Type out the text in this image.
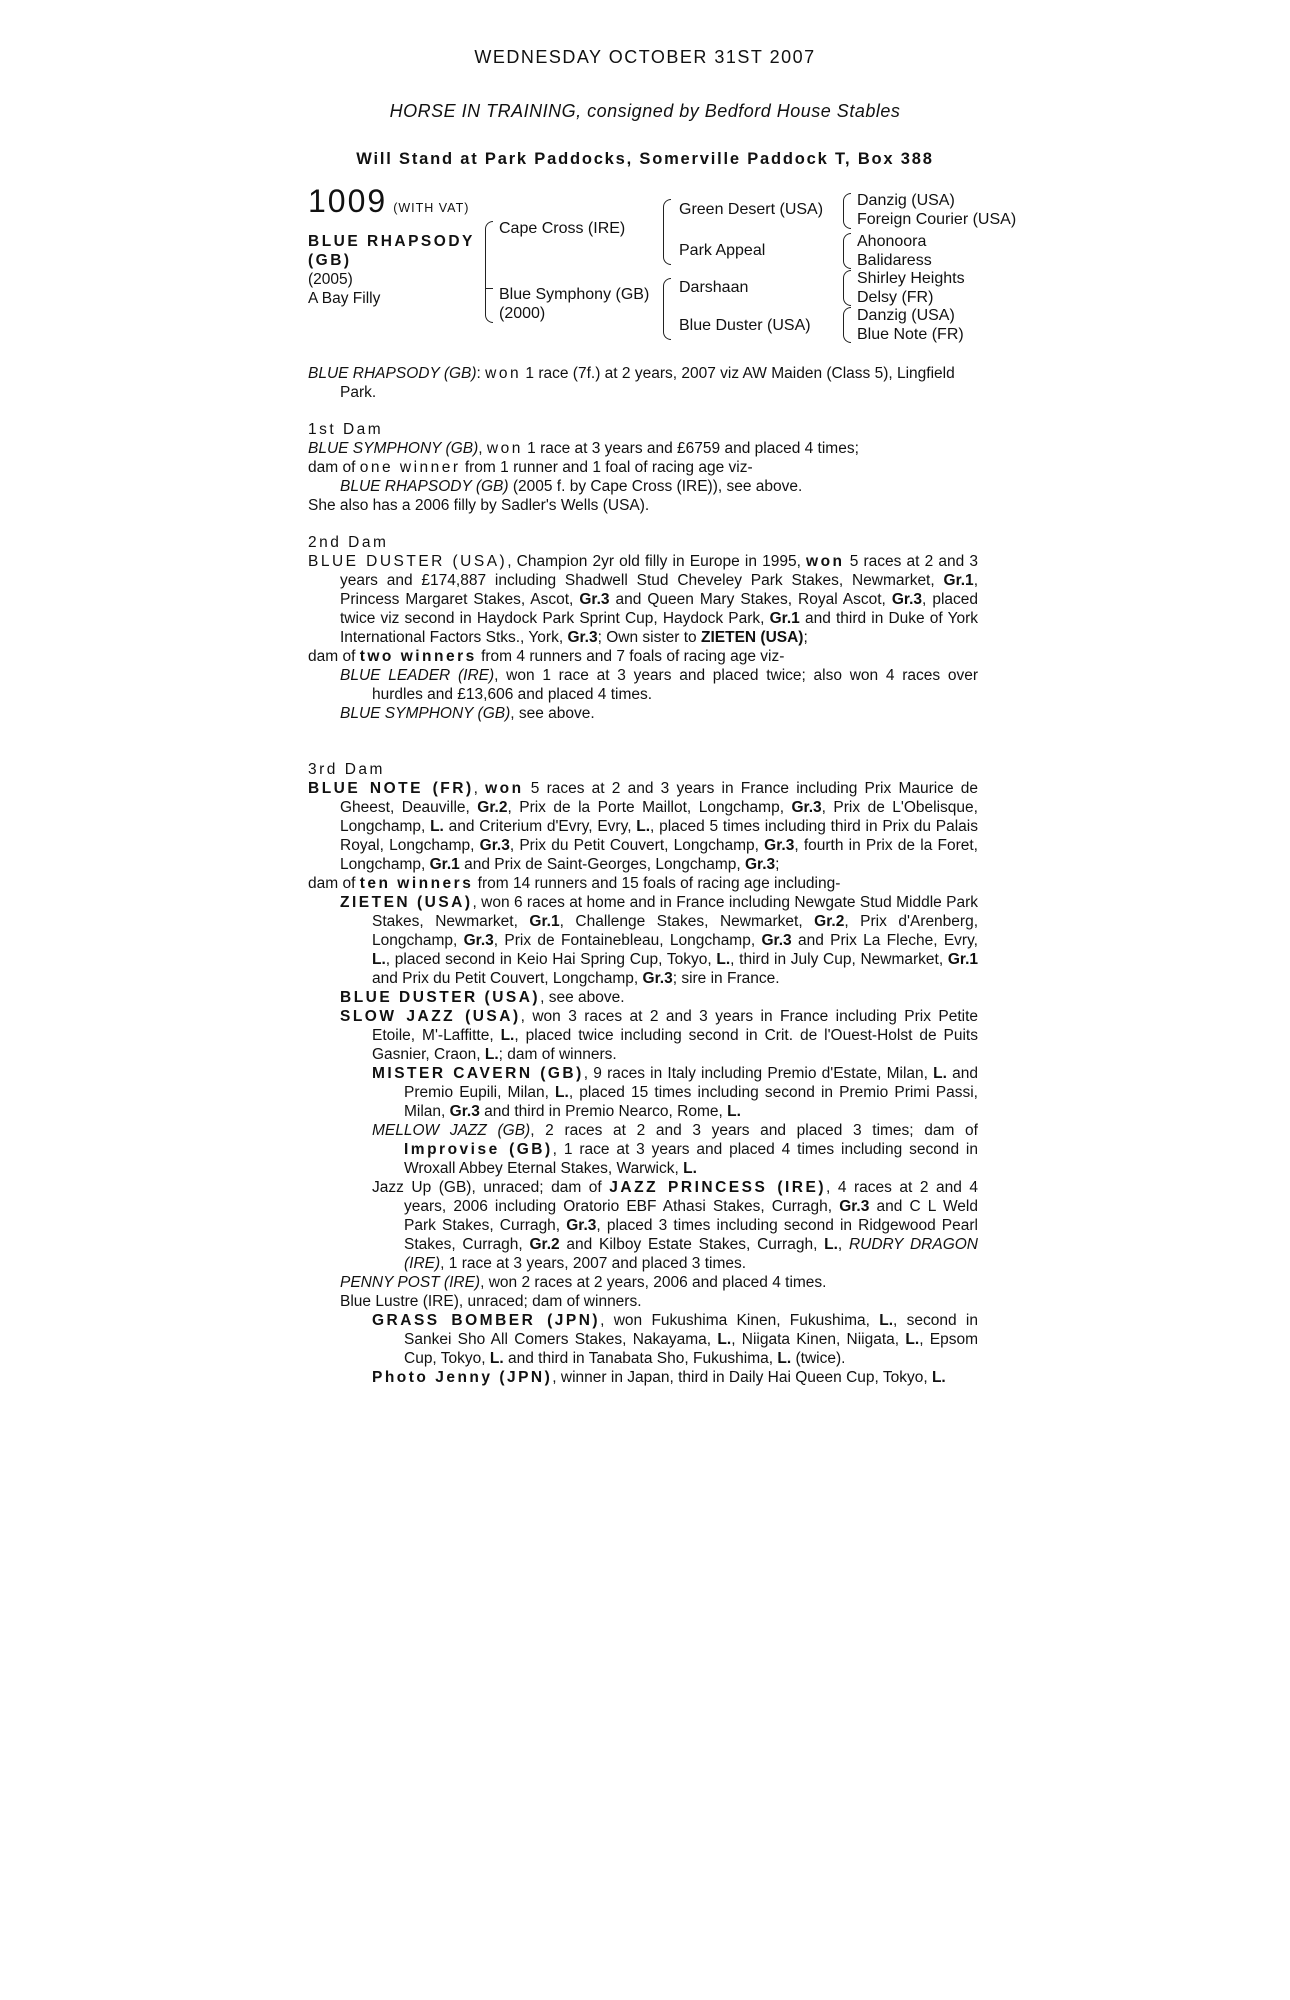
WEDNESDAY OCTOBER 31ST 2007
HORSE IN TRAINING, consigned by Bedford House Stables
Will Stand at Park Paddocks, Somerville Paddock T, Box 388
1009 (WITH VAT)
BLUE RHAPSODY
(GB)
(2005)
A Bay Filly
Cape Cross (IRE)
Blue Symphony (GB)
(2000)
Green Desert (USA)
Park Appeal
Darshaan
Blue Duster (USA)
Danzig (USA)
Foreign Courier (USA)
Ahonoora
Balidaress
Shirley Heights
Delsy (FR)
Danzig (USA)
Blue Note (FR)

BLUE RHAPSODY (GB): won 1 race (7f.) at 2 years, 2007 viz AW Maiden (Class 5), Lingfield Park.

1st Dam

BLUE SYMPHONY (GB), won 1 race at 3 years and £6759 and placed 4 times;

dam of one winner from 1 runner and 1 foal of racing age viz-

BLUE RHAPSODY (GB) (2005 f. by Cape Cross (IRE)), see above.

She also has a 2006 filly by Sadler's Wells (USA).

2nd Dam

BLUE DUSTER (USA), Champion 2yr old filly in Europe in 1995, won 5 races at 2 and 3 years and £174,887 including Shadwell Stud Cheveley Park Stakes, Newmarket, Gr.1, Princess Margaret Stakes, Ascot, Gr.3 and Queen Mary Stakes, Royal Ascot, Gr.3, placed twice viz second in Haydock Park Sprint Cup, Haydock Park, Gr.1 and third in Duke of York International Factors Stks., York, Gr.3; Own sister to ZIETEN (USA);

dam of two winners from 4 runners and 7 foals of racing age viz-

BLUE LEADER (IRE), won 1 race at 3 years and placed twice; also won 4 races over hurdles and £13,606 and placed 4 times.

BLUE SYMPHONY (GB), see above.

3rd Dam

BLUE NOTE (FR), won 5 races at 2 and 3 years in France including Prix Maurice de Gheest, Deauville, Gr.2, Prix de la Porte Maillot, Longchamp, Gr.3, Prix de L'Obelisque, Longchamp, L. and Criterium d'Evry, Evry, L., placed 5 times including third in Prix du Palais Royal, Longchamp, Gr.3, Prix du Petit Couvert, Longchamp, Gr.3, fourth in Prix de la Foret, Longchamp, Gr.1 and Prix de Saint-Georges, Longchamp, Gr.3;

dam of ten winners from 14 runners and 15 foals of racing age including-

ZIETEN (USA), won 6 races at home and in France including Newgate Stud Middle Park Stakes, Newmarket, Gr.1, Challenge Stakes, Newmarket, Gr.2, Prix d'Arenberg, Longchamp, Gr.3, Prix de Fontainebleau, Longchamp, Gr.3 and Prix La Fleche, Evry, L., placed second in Keio Hai Spring Cup, Tokyo, L., third in July Cup, Newmarket, Gr.1 and Prix du Petit Couvert, Longchamp, Gr.3; sire in France.

BLUE DUSTER (USA), see above.

SLOW JAZZ (USA), won 3 races at 2 and 3 years in France including Prix Petite Etoile, M'-Laffitte, L., placed twice including second in Crit. de l'Ouest-Holst de Puits Gasnier, Craon, L.; dam of winners.

MISTER CAVERN (GB), 9 races in Italy including Premio d'Estate, Milan, L. and Premio Eupili, Milan, L., placed 15 times including second in Premio Primi Passi, Milan, Gr.3 and third in Premio Nearco, Rome, L.

MELLOW JAZZ (GB), 2 races at 2 and 3 years and placed 3 times; dam of Improvise (GB), 1 race at 3 years and placed 4 times including second in Wroxall Abbey Eternal Stakes, Warwick, L.

Jazz Up (GB), unraced; dam of JAZZ PRINCESS (IRE), 4 races at 2 and 4 years, 2006 including Oratorio EBF Athasi Stakes, Curragh, Gr.3 and C L Weld Park Stakes, Curragh, Gr.3, placed 3 times including second in Ridgewood Pearl Stakes, Curragh, Gr.2 and Kilboy Estate Stakes, Curragh, L., RUDRY DRAGON (IRE), 1 race at 3 years, 2007 and placed 3 times.

PENNY POST (IRE), won 2 races at 2 years, 2006 and placed 4 times.

Blue Lustre (IRE), unraced; dam of winners.

GRASS BOMBER (JPN), won Fukushima Kinen, Fukushima, L., second in Sankei Sho All Comers Stakes, Nakayama, L., Niigata Kinen, Niigata, L., Epsom Cup, Tokyo, L. and third in Tanabata Sho, Fukushima, L. (twice).

Photo Jenny (JPN), winner in Japan, third in Daily Hai Queen Cup, Tokyo, L.
